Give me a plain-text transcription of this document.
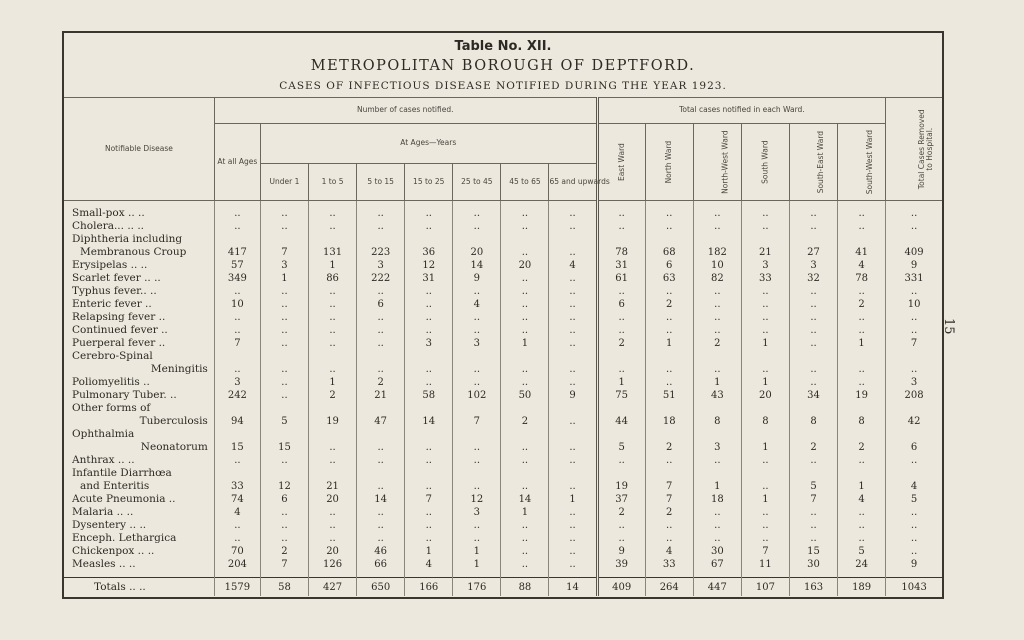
Table No. XII.
METROPOLITAN BOROUGH OF DEPTFORD.
CASES OF INFECTIOUS DISEASE NOTIFIED DURING THE YEAR 1923.
Notifiable Disease	Number of cases notified.								Total cases notified in each Ward.						Total Cases Removed to Hospital.
	At all Ages	At Ages—Years							East Ward	North Ward	North-West Ward	South Ward	South-East Ward	South-West Ward	
		Under 1	1 to 5	5 to 15	15 to 25	25 to 45	45 to 65	65 and upwards							

Small-pox .. ..	..	..	..	..	..	..	..	..	..	..	..	..	..	..	..
Cholera... .. ..	..	..	..	..	..	..	..	..	..	..	..	..	..	..	..
Diphtheria including															
Membranous Croup	417	7	131	223	36	20	..	..	78	68	182	21	27	41	409
Erysipelas .. ..	57	3	1	3	12	14	20	4	31	6	10	3	3	4	9
Scarlet fever .. ..	349	1	86	222	31	9	..	..	61	63	82	33	32	78	331
Typhus fever.. ..	..	..	..	..	..	..	..	..	..	..	..	..	..	..	..
Enteric fever ..	10	..	..	6	..	4	..	..	6	2	..	..	..	2	10
Relapsing fever ..	..	..	..	..	..	..	..	..	..	..	..	..	..	..	..
Continued fever ..	..	..	..	..	..	..	..	..	..	..	..	..	..	..	..
Puerperal fever ..	7	..	..	..	3	3	1	..	2	1	2	1	..	1	7
Cerebro-Spinal															
Meningitis	..	..	..	..	..	..	..	..	..	..	..	..	..	..	..
Poliomyelitis ..	3	..	1	2	..	..	..	..	1	..	1	1	..	..	3
Pulmonary Tuber. ..	242	..	2	21	58	102	50	9	75	51	43	20	34	19	208
Other forms of															
Tuberculosis	94	5	19	47	14	7	2	..	44	18	8	8	8	8	42
Ophthalmia															
Neonatorum	15	15	..	..	..	..	..	..	5	2	3	1	2	2	6
Anthrax .. ..	..	..	..	..	..	..	..	..	..	..	..	..	..	..	..
Infantile Diarrhœa															
and Enteritis	33	12	21	..	..	..	..	..	19	7	1	..	5	1	4
Acute Pneumonia ..	74	6	20	14	7	12	14	1	37	7	18	1	7	4	5
Malaria .. ..	4	..	..	..	..	3	1	..	2	2	..	..	..	..	..
Dysentery .. ..	..	..	..	..	..	..	..	..	..	..	..	..	..	..	..
Enceph. Lethargica	..	..	..	..	..	..	..	..	..	..	..	..	..	..	..
Chickenpox .. ..	70	2	20	46	1	1	..	..	9	4	30	7	15	5	..
Measles .. ..	204	7	126	66	4	1	..	..	39	33	67	11	30	24	9

Totals .. ..	1579	58	427	650	166	176	88	14	409	264	447	107	163	189	1043
15
